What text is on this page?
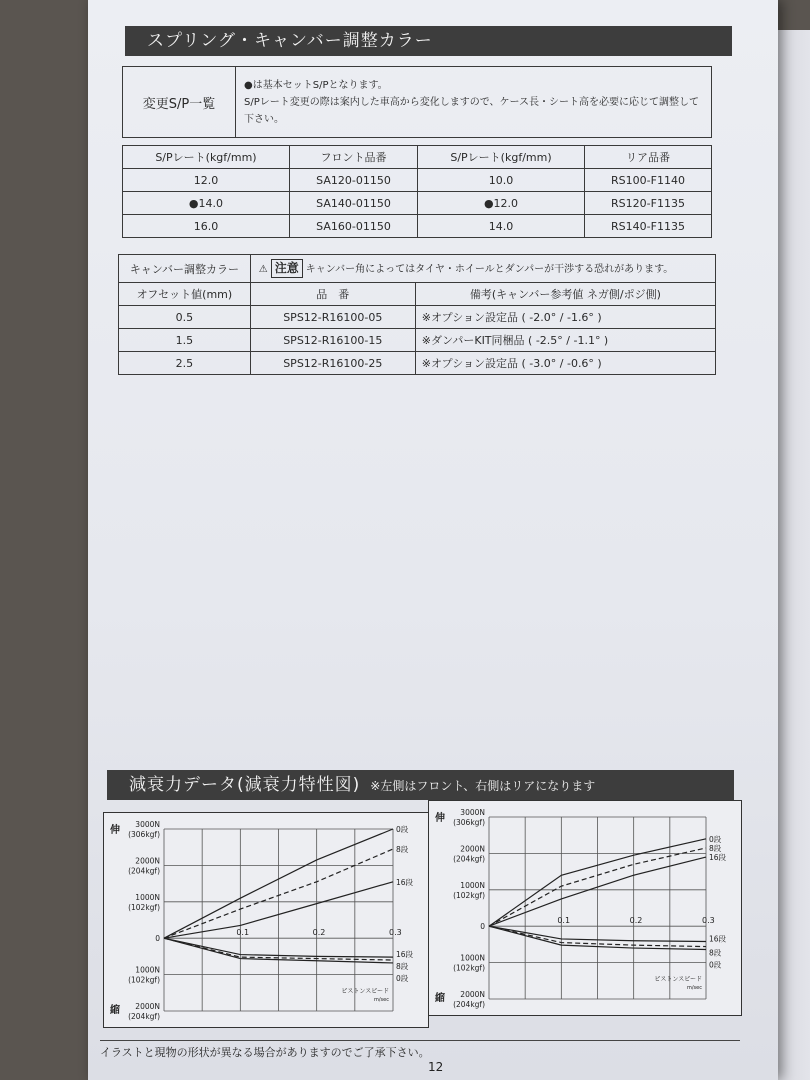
スプリング・キャンバー調整カラー
変更S/P一覧	
●は基本セットS/Pとなります。
S/Pレート変更の際は案内した車高から変化しますので、ケース長・シート高を必要に応じて調整して下さい。
S/Pレート(kgf/mm)	フロント品番	S/Pレート(kgf/mm)	リア品番
12.0	SA120-01150	10.0	RS100-F1140
●14.0	SA140-01150	●12.0	RS120-F1135
16.0	SA160-01150	14.0	RS140-F1135
キャンバー調整カラー	⚠ 注意 キャンバー角によってはタイヤ・ホイールとダンパーが干渉する恐れがあります。	
オフセット値(mm)	品　番	備考(キャンバー参考値 ネガ側/ポジ側)
0.5	SPS12-R16100-05	※オプション設定品 ( -2.0° / -1.6° )
1.5	SPS12-R16100-15	※ダンパーKIT同梱品 ( -2.5° / -1.1° )
2.5	SPS12-R16100-25	※オプション設定品 ( -3.0° / -0.6° )
減衰力データ(減衰力特性図) ※左側はフロント、右側はリアになります
3000N
(306kgf)
2000N
(204kgf)
1000N
(102kgf)
0
1000N
(102kgf)
2000N
(204kgf)
伸
縮
0.1	0.2	0.3
ピストンスピード
m/sec
0段
8段
16段
16段
8段
0段
3000N
(306kgf)
2000N
(204kgf)
1000N
(102kgf)
0
1000N
(102kgf)
2000N
(204kgf)
伸
縮
0.1	0.2	0.3
ピストンスピード
m/sec
0段
8段
16段
16段
8段
0段
イラストと現物の形状が異なる場合がありますのでご了承下さい。
12
